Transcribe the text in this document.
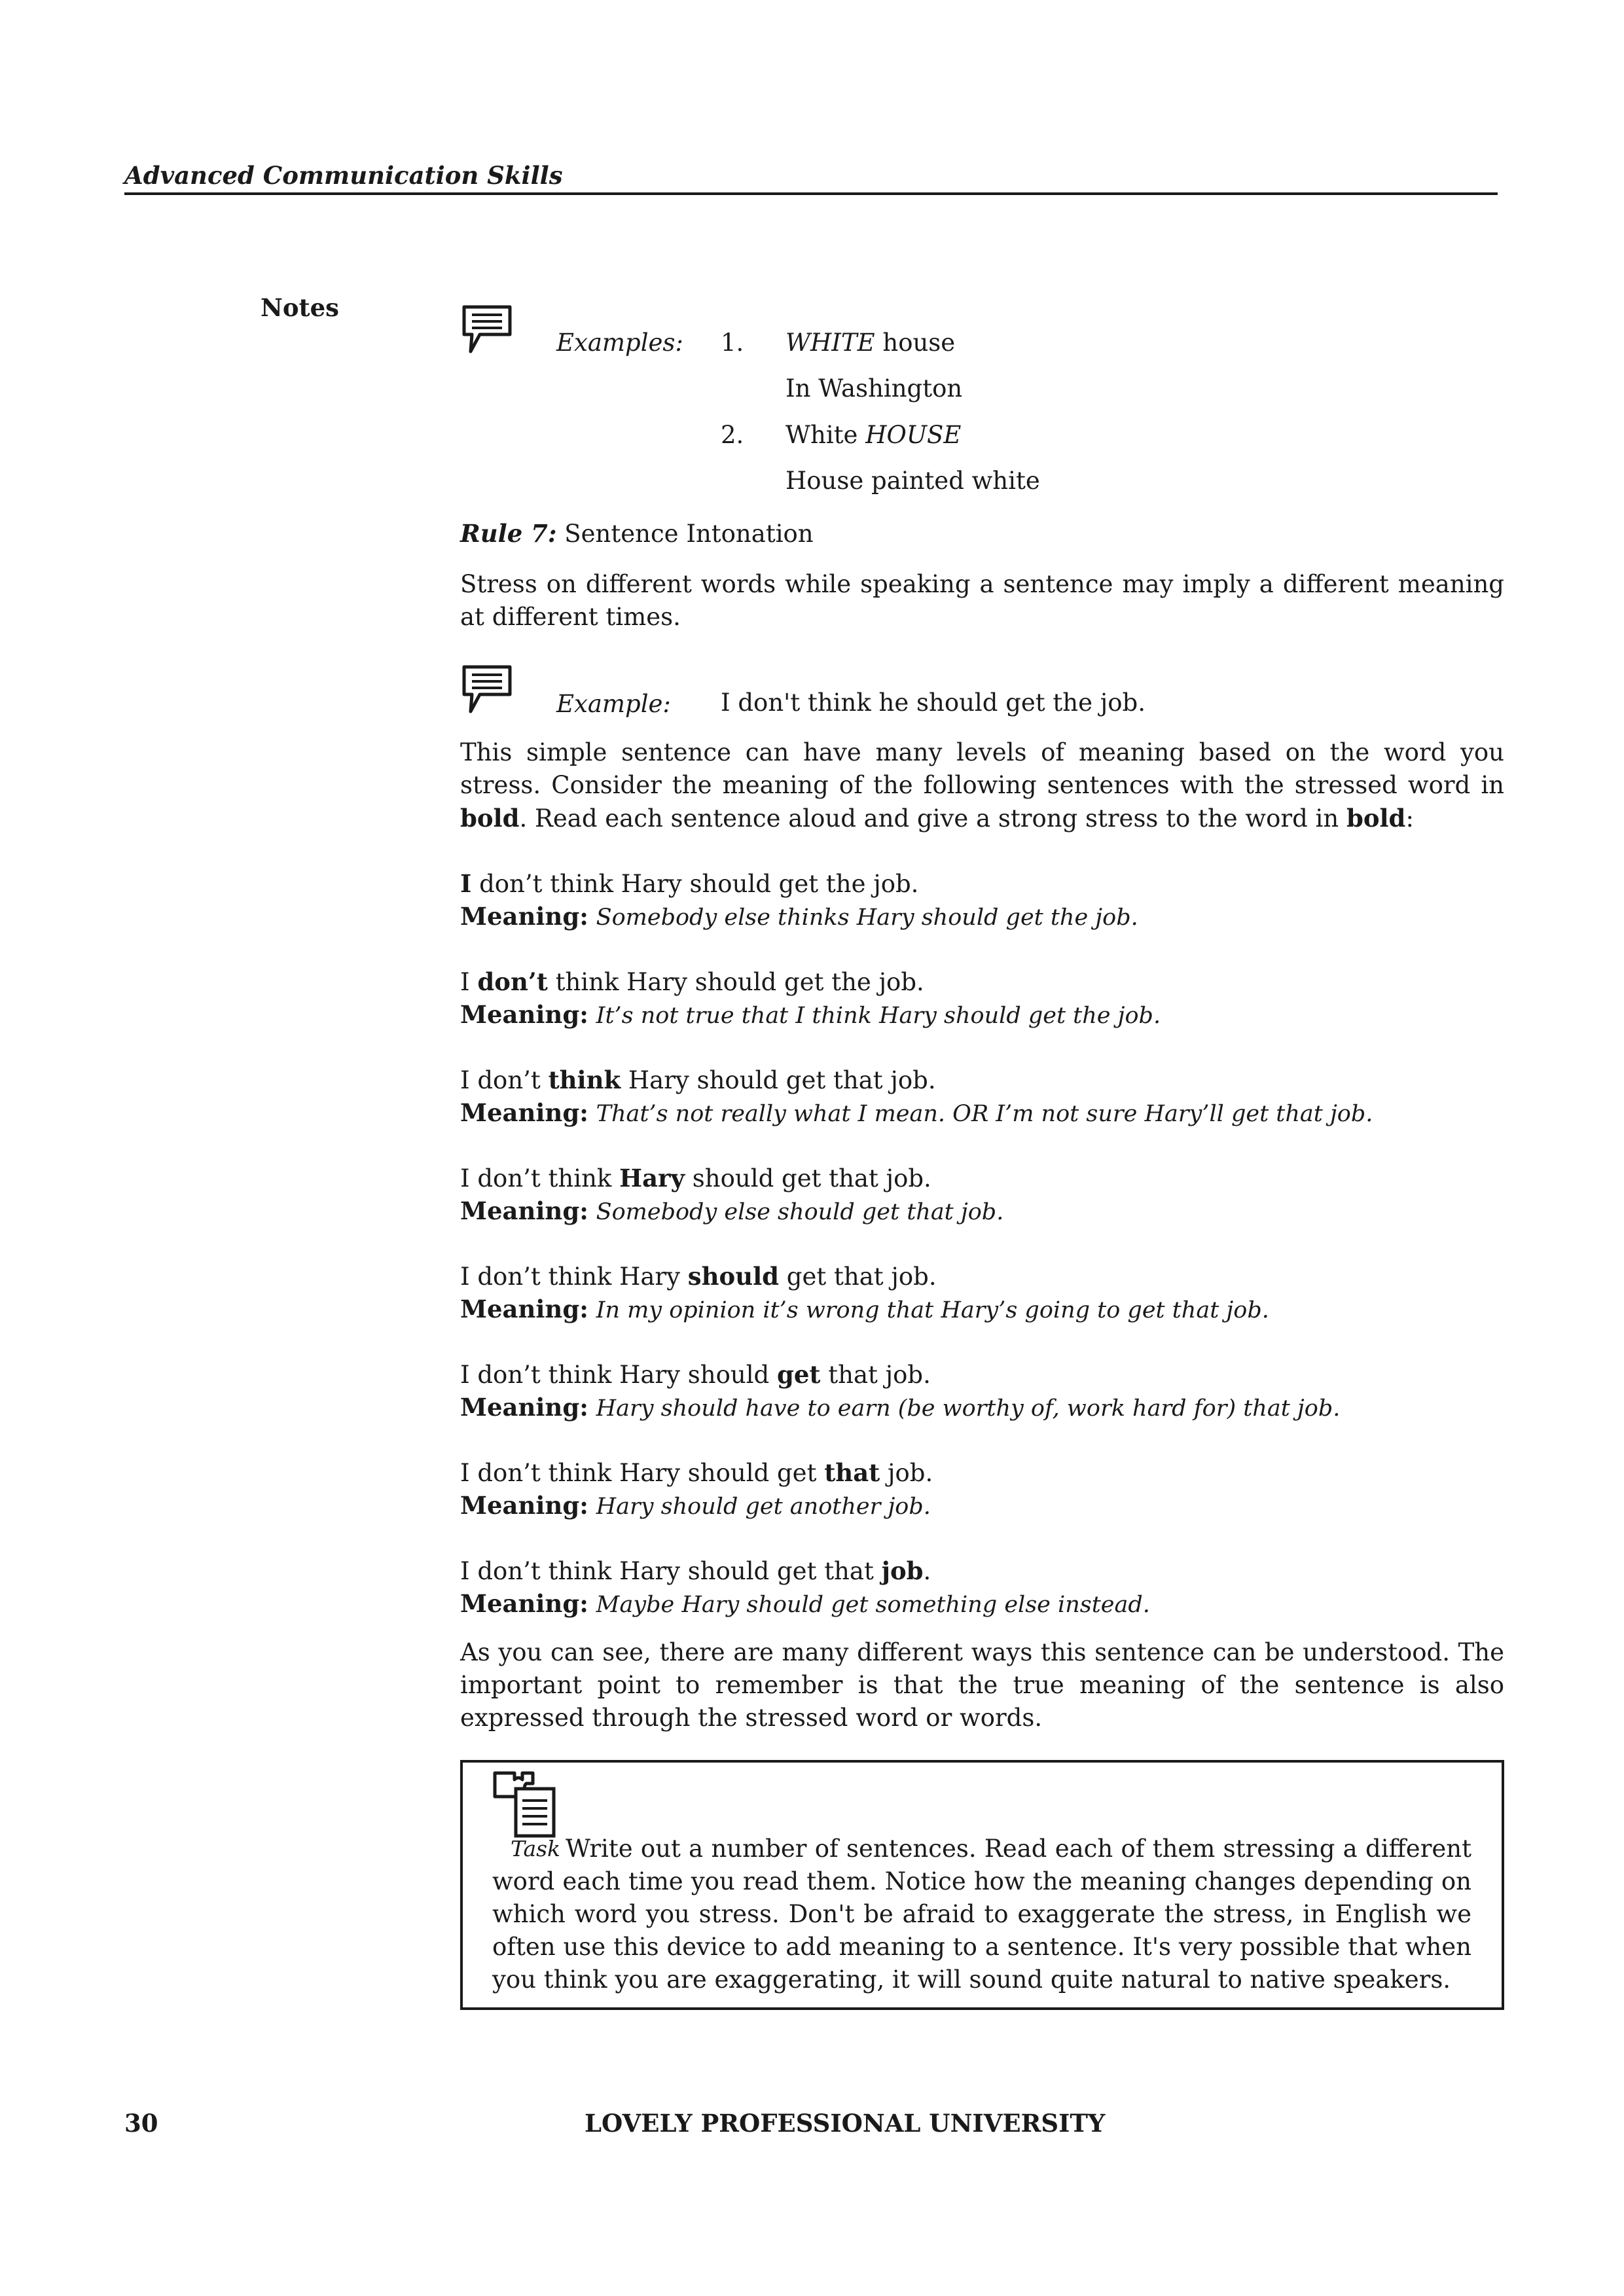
Advanced Communication Skills
Notes
Examples: 1. WHITE house
In Washington
2. White HOUSE
House painted white
Rule 7: Sentence Intonation

Stress on different words while speaking a sentence may imply a different meaning at different times.

Example: I don't think he should get the job.

This simple sentence can have many levels of meaning based on the word you stress. Consider the meaning of the following sentences with the stressed word in bold. Read each sentence aloud and give a strong stress to the word in bold:

I don’t think Hary should get the job.
Meaning: Somebody else thinks Hary should get the job.
I don’t think Hary should get the job.
Meaning: It’s not true that I think Hary should get the job.
I don’t think Hary should get that job.
Meaning: That’s not really what I mean. OR I’m not sure Hary’ll get that job.
I don’t think Hary should get that job.
Meaning: Somebody else should get that job.
I don’t think Hary should get that job.
Meaning: In my opinion it’s wrong that Hary’s going to get that job.
I don’t think Hary should get that job.
Meaning: Hary should have to earn (be worthy of, work hard for) that job.
I don’t think Hary should get that job.
Meaning: Hary should get another job.
I don’t think Hary should get that job.
Meaning: Maybe Hary should get something else instead.

As you can see, there are many different ways this sentence can be understood. The important point to remember is that the true meaning of the sentence is also expressed through the stressed word or words.

Task Write out a number of sentences. Read each of them stressing a different word each time you read them. Notice how the meaning changes depending on which word you stress. Don't be afraid to exaggerate the stress, in English we often use this device to add meaning to a sentence. It's very possible that when you think you are exaggerating, it will sound quite natural to native speakers.

30	LOVELY PROFESSIONAL UNIVERSITY
